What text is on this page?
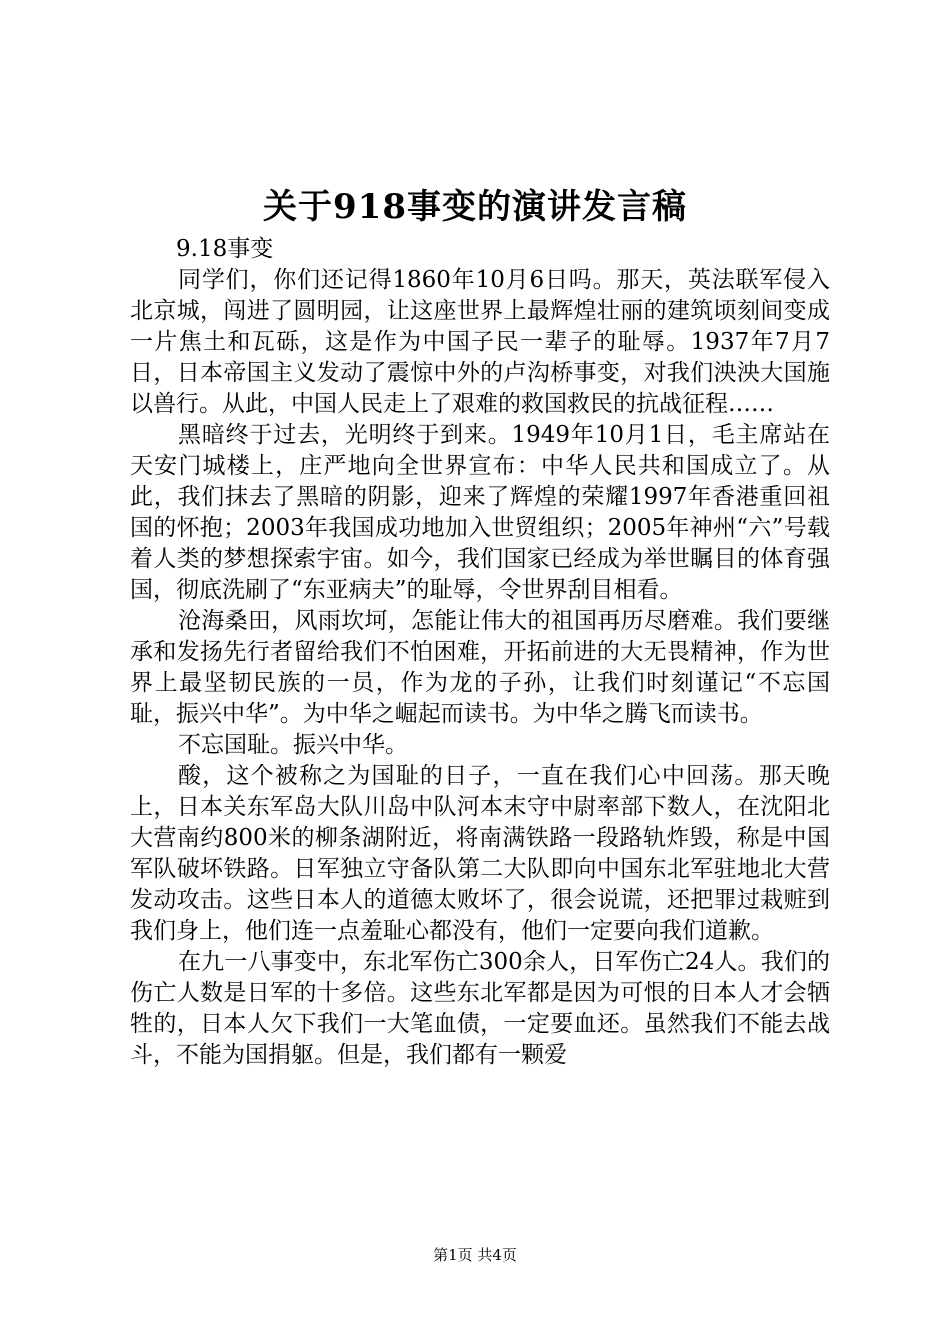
关于918事变的演讲发言稿

9.18事变

同学们，你们还记得1860年10月6日吗。那天，英法联军侵入北京城，闯进了圆明园，让这座世界上最辉煌壮丽的建筑顷刻间变成一片焦土和瓦砾，这是作为中国子民一辈子的耻辱。1937年7月7日，日本帝国主义发动了震惊中外的卢沟桥事变，对我们泱泱大国施以兽行。从此，中国人民走上了艰难的救国救民的抗战征程……

黑暗终于过去，光明终于到来。1949年10月1日，毛主席站在天安门城楼上，庄严地向全世界宣布：中华人民共和国成立了。从此，我们抹去了黑暗的阴影，迎来了辉煌的荣耀1997年香港重回祖国的怀抱；2003年我国成功地加入世贸组织；2005年神州“六”号载着人类的梦想探索宇宙。如今，我们国家已经成为举世瞩目的体育强国，彻底洗刷了“东亚病夫”的耻辱，令世界刮目相看。

沧海桑田，风雨坎坷，怎能让伟大的祖国再历尽磨难。我们要继承和发扬先行者留给我们不怕困难，开拓前进的大无畏精神，作为世界上最坚韧民族的一员，作为龙的子孙，让我们时刻谨记“不忘国耻，振兴中华”。为中华之崛起而读书。为中华之腾飞而读书。

不忘国耻。振兴中华。

酸，这个被称之为国耻的日子，一直在我们心中回荡。那天晚上，日本关东军岛大队川岛中队河本末守中尉率部下数人，在沈阳北大营南约800米的柳条湖附近，将南满铁路一段路轨炸毁，称是中国军队破坏铁路。日军独立守备队第二大队即向中国东北军驻地北大营发动攻击。这些日本人的道德太败坏了，很会说谎，还把罪过栽赃到我们身上，他们连一点羞耻心都没有，他们一定要向我们道歉。

在九一八事变中，东北军伤亡300余人，日军伤亡24人。我们的伤亡人数是日军的十多倍。这些东北军都是因为可恨的日本人才会牺牲的，日本人欠下我们一大笔血债，一定要血还。虽然我们不能去战斗，不能为国捐躯。但是，我们都有一颗爱

第1页 共4页
